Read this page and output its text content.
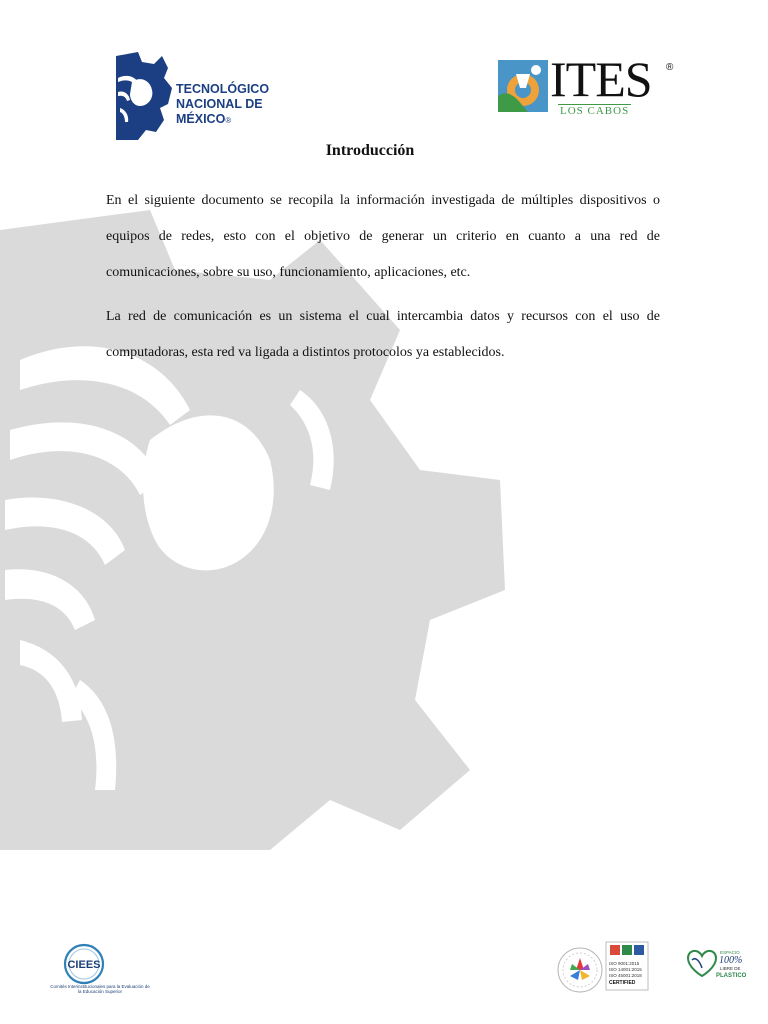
TECNOLÓGICO
NACIONAL DE MÉXICO®
ITES ®
LOS CABOS
Introducción

En el siguiente documento se recopila la información investigada de múltiples dispositivos o equipos de redes, esto con el objetivo de generar un criterio en cuanto a una red de comunicaciones, sobre su uso, funcionamiento, aplicaciones, etc.

La red de comunicación es un sistema el cual intercambia datos y recursos con el uso de computadoras, esta red va ligada a distintos protocolos ya establecidos.

CIEES
Comités Interinstitucionales para la Evaluación de la Educación Superior
ISO 9001:2015
ISO 14001:2015
ISO 45001:2018
CERTIFIED
ESPACIO
100%
LIBRE DE
PLASTICO
